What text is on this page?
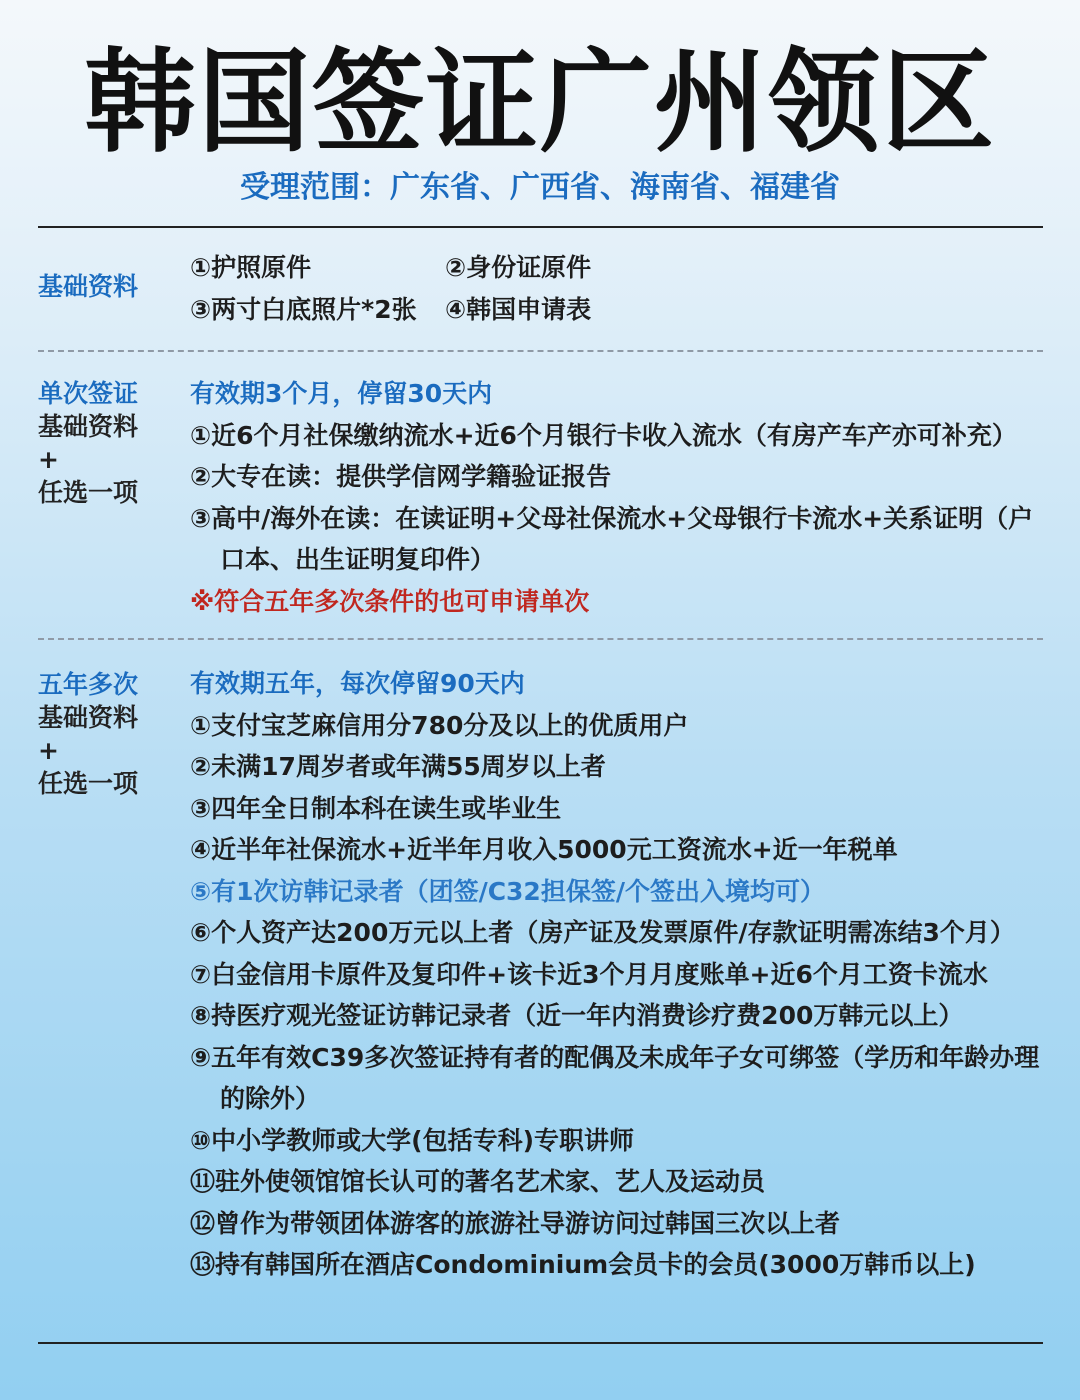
韩国签证广州领区
受理范围：广东省、广西省、海南省、福建省
基础资料
①护照原件	②身份证原件
③两寸白底照片*2张	④韩国申请表
单次签证
基础资料
+
任选一项
有效期3个月，停留30天内
①近6个月社保缴纳流水+近6个月银行卡收入流水（有房产车产亦可补充）
②大专在读：提供学信网学籍验证报告
③高中/海外在读：在读证明+父母社保流水+父母银行卡流水+关系证明（户口本、出生证明复印件）
※符合五年多次条件的也可申请单次
五年多次
基础资料
+
任选一项
有效期五年，每次停留90天内
①支付宝芝麻信用分780分及以上的优质用户
②未满17周岁者或年满55周岁以上者
③四年全日制本科在读生或毕业生
④近半年社保流水+近半年月收入5000元工资流水+近一年税单
⑤有1次访韩记录者（团签/C32担保签/个签出入境均可）
⑥个人资产达200万元以上者（房产证及发票原件/存款证明需冻结3个月）
⑦白金信用卡原件及复印件+该卡近3个月月度账单+近6个月工资卡流水
⑧持医疗观光签证访韩记录者（近一年内消费诊疗费200万韩元以上）
⑨五年有效C39多次签证持有者的配偶及未成年子女可绑签（学历和年龄办理的除外）
⑩中小学教师或大学(包括专科)专职讲师
⑪驻外使领馆馆长认可的著名艺术家、艺人及运动员
⑫曾作为带领团体游客的旅游社导游访问过韩国三次以上者
⑬持有韩国所在酒店Condominium会员卡的会员(3000万韩币以上)
